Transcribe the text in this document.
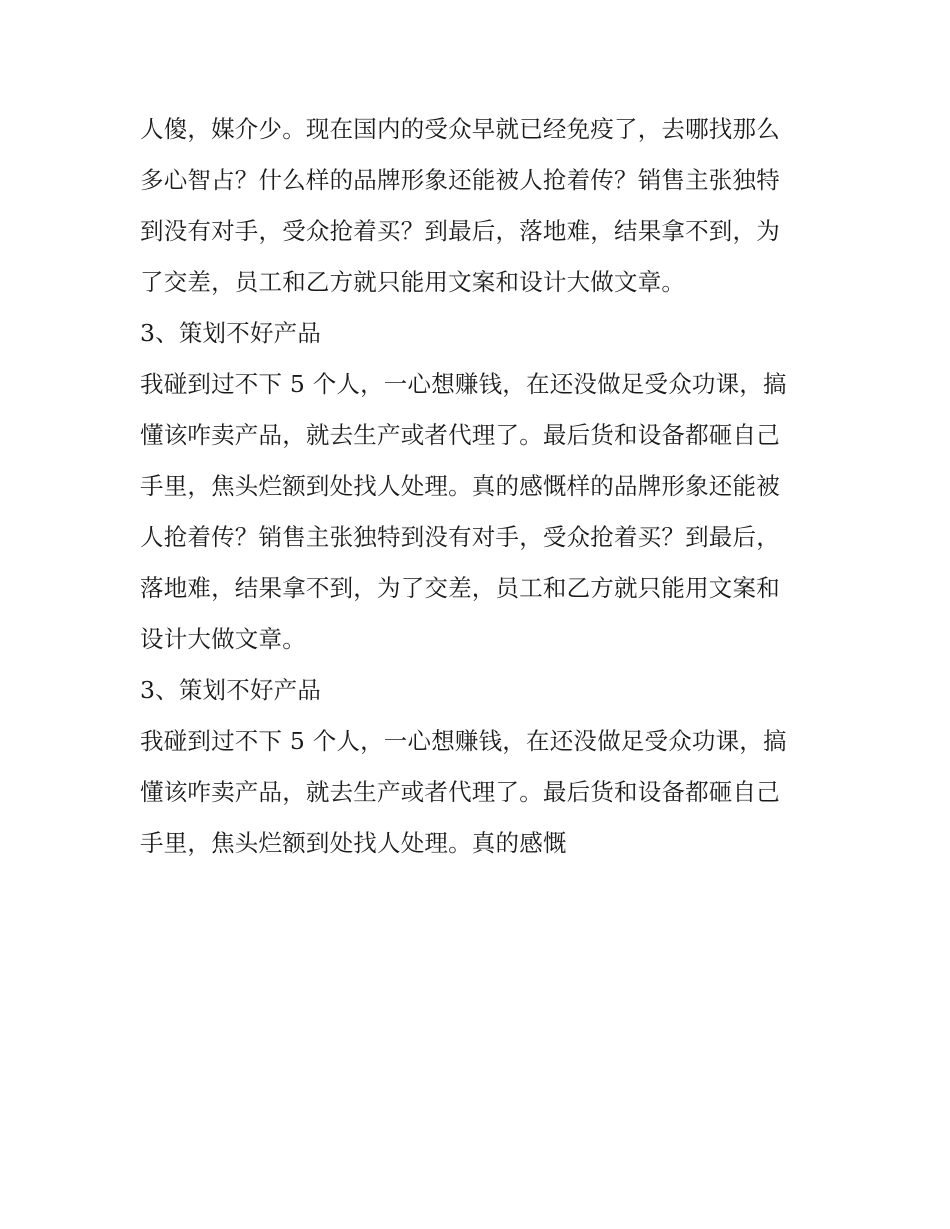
人傻，媒介少。现在国内的受众早就已经免疫了，去哪找那么
多心智占？什么样的品牌形象还能被人抢着传？销售主张独特
到没有对手，受众抢着买？到最后，落地难，结果拿不到，为
了交差，员工和乙方就只能用文案和设计大做文章。
3、策划不好产品
我碰到过不下 5 个人，一心想赚钱，在还没做足受众功课，搞
懂该咋卖产品，就去生产或者代理了。最后货和设备都砸自己
手里，焦头烂额到处找人处理。真的感慨样的品牌形象还能被
人抢着传？销售主张独特到没有对手，受众抢着买？到最后，
落地难，结果拿不到，为了交差，员工和乙方就只能用文案和
设计大做文章。
3、策划不好产品
我碰到过不下 5 个人，一心想赚钱，在还没做足受众功课，搞
懂该咋卖产品，就去生产或者代理了。最后货和设备都砸自己
手里，焦头烂额到处找人处理。真的感慨
